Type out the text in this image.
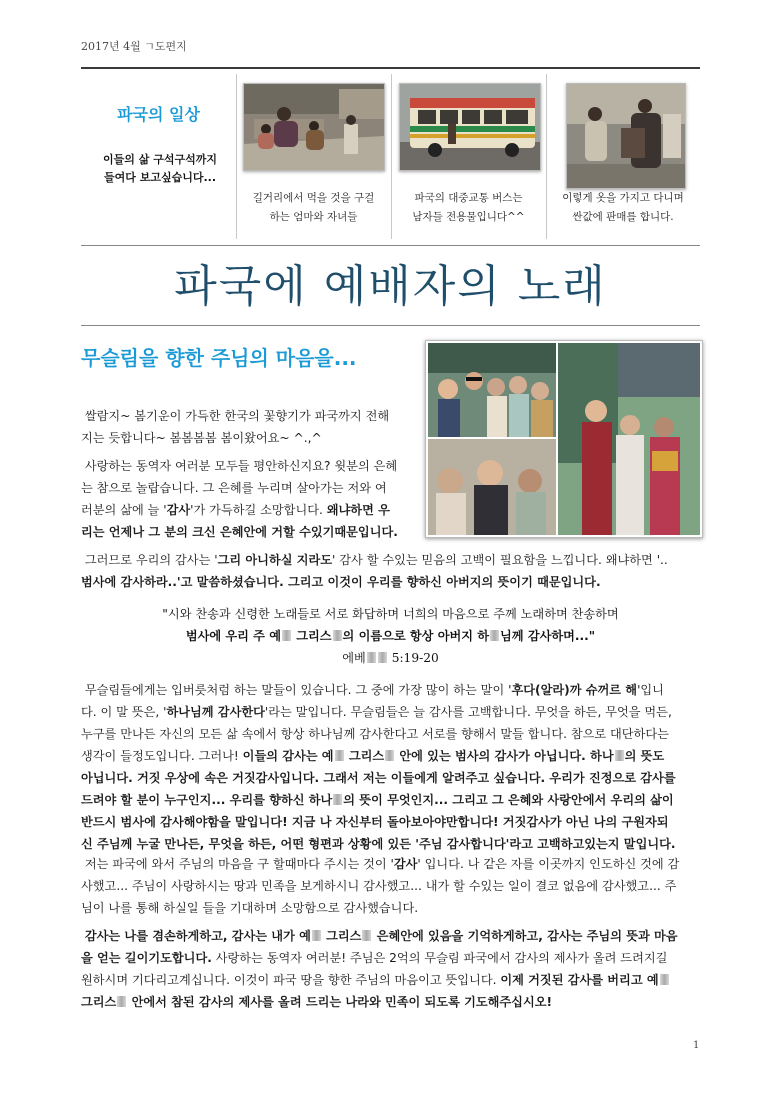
2017년 4월 ㄱ도편지
파국의 일상
이들의 삶 구석구석까지
들여다 보고싶습니다...
길거리에서 먹을 것을 구걸
하는 엄마와 자녀들
파국의 대중교통 버스는
남자들 전용물입니다^^
이렇게 옷을 가지고 다니며
싼값에 판매를 합니다.
파국에 예배자의 노래
무슬림을 향한 주님의 마음을...
쌀람지~ 봄기운이 가득한 한국의 꽃향기가 파국까지 전해
지는 듯합니다~ 봄봄봄봄 봄이왔어요~ ^.,^
사랑하는 동역자 여러분 모두들 평안하신지요? 윗분의 은혜
는 참으로 놀랍습니다. 그 은혜를 누리며 살아가는 저와 여
러분의 삶에 늘 '감사'가 가득하길 소망합니다. 왜냐하면 우
리는 언제나 그 분의 크신 은혜안에 거할 수있기때문입니다.
그러므로 우리의 감사는 '그리 아니하실 지라도' 감사 할 수있는 믿음의 고백이 필요함을 느낍니다. 왜냐하면 '..
범사에 감사하라..'고 말씀하셨습니다. 그리고 이것이 우리를 향하신 아버지의 뜻이기 때문입니다.
"시와 찬송과 신령한 노래들로 서로 화답하며 너희의 마음으로 주께 노래하며 찬송하며
범사에 우리 주 예 그리스 의 이름으로 항상 아버지 하 님께 감사하며..."
에베 5:19-20
무슬림들에게는 입버릇처럼 하는 말들이 있습니다. 그 중에 가장 많이 하는 말이 '후다(알라)까 슈꺼르 해'입니
다. 이 말 뜻은, '하나님께 감사한다'라는 말입니다. 무슬림들은 늘 감사를 고백합니다. 무엇을 하든, 무엇을 먹든,
누구를 만나든 자신의 모든 삶 속에서 항상 하나님께 감사한다고 서로를 향해서 말들 합니다. 참으로 대단하다는
생각이 들정도입니다. 그러나! 이들의 감사는 예 그리스 안에 있는 범사의 감사가 아닙니다. 하나 의 뜻도
아닙니다. 거짓 우상에 속은 거짓감사입니다. 그래서 저는 이들에게 알려주고 싶습니다. 우리가 진정으로 감사를
드려야 할 분이 누구인지... 우리를 향하신 하나 의 뜻이 무엇인지... 그리고 그 은혜와 사랑안에서 우리의 삶이
반드시 범사에 감사해야함을 말입니다! 지금 나 자신부터 돌아보아야만합니다! 거짓감사가 아닌 나의 구원자되
신 주님께 누굴 만나든, 무엇을 하든, 어떤 형편과 상황에 있든 '주님 감사합니다'라고 고백하고있는지 말입니다.
저는 파국에 와서 주님의 마음을 구 할때마다 주시는 것이 '감사' 입니다. 나 같은 자를 이곳까지 인도하신 것에 감
사했고... 주님이 사랑하시는 땅과 민족을 보게하시니 감사했고... 내가 할 수있는 일이 결코 없음에 감사했고... 주
님이 나를 통해 하실일 들을 기대하며 소망함으로 감사했습니다.
감사는 나를 겸손하게하고, 감사는 내가 예 그리스 은혜안에 있음을 기억하게하고, 감사는 주님의 뜻과 마음
을 얻는 길이기도합니다. 사랑하는 동역자 여러분! 주님은 2억의 무슬림 파국에서 감사의 제사가 올려 드려지길
원하시며 기다리고계십니다. 이것이 파국 땅을 향한 주님의 마음이고 뜻입니다. 이제 거짓된 감사를 버리고 예
그리스 안에서 참된 감사의 제사를 올려 드리는 나라와 민족이 되도록 기도해주십시오!
1
